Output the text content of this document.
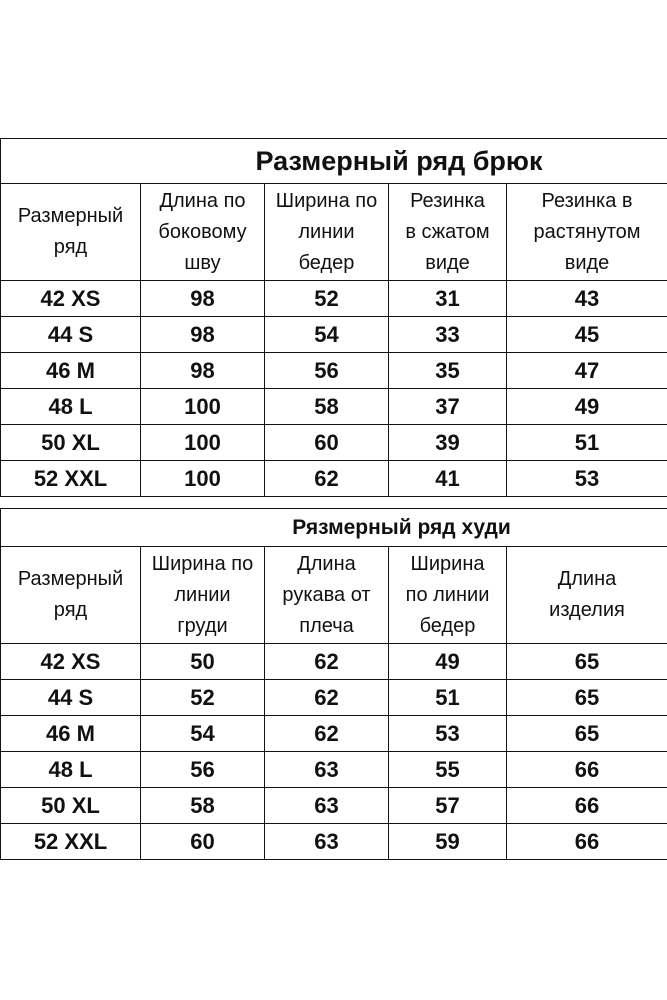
Размерный ряд брюк				

Размерный
ряд	Длина по
боковому
шву	Ширина по
линии
бедер	Резинка
в сжатом
виде	Резинка в
растянутом
виде

42 XS	98	52	31	43
44 S	98	54	33	45
46 M	98	56	35	47
48 L	100	58	37	49
50 XL	100	60	39	51
52 XXL	100	62	41	53
Рязмерный ряд худи				

Размерный
ряд	Ширина по
линии
груди	Длина
рукава от
плеча	Ширина
по линии
бедер	Длина
изделия

42 XS	50	62	49	65
44 S	52	62	51	65
46 M	54	62	53	65
48 L	56	63	55	66
50 XL	58	63	57	66
52 XXL	60	63	59	66
